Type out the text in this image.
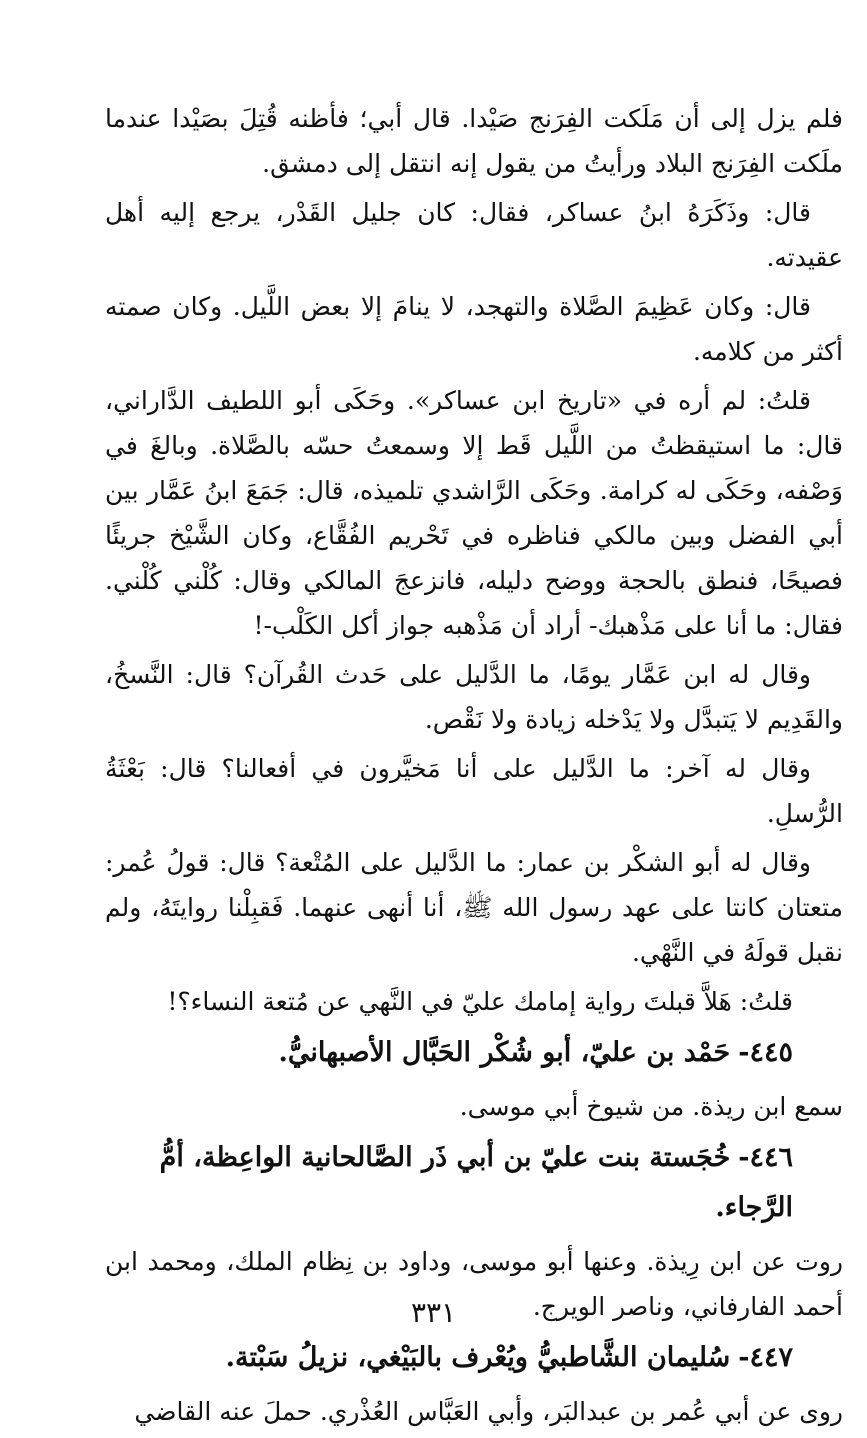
فلم يزل إلى أن مَلَكت الفِرَنج صَيْدا. قال أبي؛ فأظنه قُتِلَ بصَيْدا عندما ملَكت الفِرَنج البلاد ورأيتُ من يقول إنه انتقل إلى دمشق.

قال: وذَكَرَهُ ابنُ عساكر، فقال: كان جليل القَدْر، يرجع إليه أهل عقيدته.

قال: وكان عَظِيمَ الصَّلاة والتهجد، لا ينامَ إلا بعض اللَّيل. وكان صمته أكثر من كلامه.

قلتُ: لم أره في «تاريخ ابن عساكر». وحَكَى أبو اللطيف الدَّاراني، قال: ما استيقظتُ من اللَّيل قَط إلا وسمعتُ حسّه بالصَّلاة. وبالغَ في وَصْفه، وحَكَى له كرامة. وحَكَى الرَّاشدي تلميذه، قال: جَمَعَ ابنُ عَمَّار بين أبي الفضل وبين مالكي فناظره في تَحْريم الفُقَّاع، وكان الشَّيْخ جريئًا فصيحًا، فنطق بالحجة ووضح دليله، فانزعجَ المالكي وقال: كُلْني كُلْني. فقال: ما أنا على مَذْهبك- أراد أن مَذْهبه جواز أكل الكَلْب-!

وقال له ابن عَمَّار يومًا، ما الدَّليل على حَدث القُرآن؟ قال: النَّسخُ، والقَدِيم لا يَتبدَّل ولا يَدْخله زيادة ولا نَقْص.

وقال له آخر: ما الدَّليل على أنا مَخيَّرون في أفعالنا؟ قال: بَعْثَةُ الرُّسلِ.

وقال له أبو الشكْر بن عمار: ما الدَّليل على المُتْعة؟ قال: قولُ عُمر: متعتان كانتا على عهد رسول الله ﷺ، أنا أنهى عنهما. فَقبِلْنا روايتَهُ، ولم نقبل قولَهُ في النَّهْي.

قلتُ: هَلاَّ قبلتَ رواية إمامك عليّ في النَّهي عن مُتعة النساء؟!

٤٤٥-حَمْد بن عليّ، أبو شُكْر الحَبَّال الأصبهانيُّ.

سمع ابن ريذة. من شيوخ أبي موسى.

٤٤٦-خُجَستة بنت عليّ بن أبي ذَر الصَّالحانية الواعِظة، أمُّ الرَّجاء.

روت عن ابن رِيذة. وعنها أبو موسى، وداود بن نِظام الملك، ومحمد ابن أحمد الفارفاني، وناصر الويرج.

٤٤٧-سُليمان الشَّاطبيُّ ويُعْرف بالبَيْغي، نزيلُ سَبْتة.

روى عن أبي عُمر بن عبدالبَر، وأبي العَبَّاس العُذْري. حملَ عنه القاضي

٣٣١
